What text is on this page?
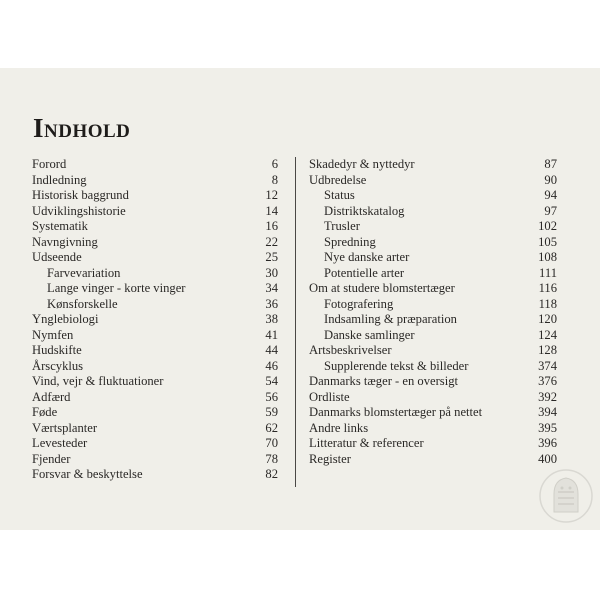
Indhold
Forord	6
Indledning	8
Historisk baggrund	12
Udviklingshistorie	14
Systematik	16
Navngivning	22
Udseende	25
Farvevariation	30
Lange vinger - korte vinger	34
Kønsforskelle	36
Ynglebiologi	38
Nymfen	41
Hudskifte	44
Årscyklus	46
Vind, vejr & fluktuationer	54
Adfærd	56
Føde	59
Værtsplanter	62
Levesteder	70
Fjender	78
Forsvar & beskyttelse	82
Skadedyr & nyttedyr	87
Udbredelse	90
Status	94
Distriktskatalog	97
Trusler	102
Spredning	105
Nye danske arter	108
Potentielle arter	111
Om at studere blomstertæger	116
Fotografering	118
Indsamling & præparation	120
Danske samlinger	124
Artsbeskrivelser	128
Supplerende tekst & billeder	374
Danmarks tæger - en oversigt	376
Ordliste	392
Danmarks blomstertæger på nettet	394
Andre links	395
Litteratur & referencer	396
Register	400
